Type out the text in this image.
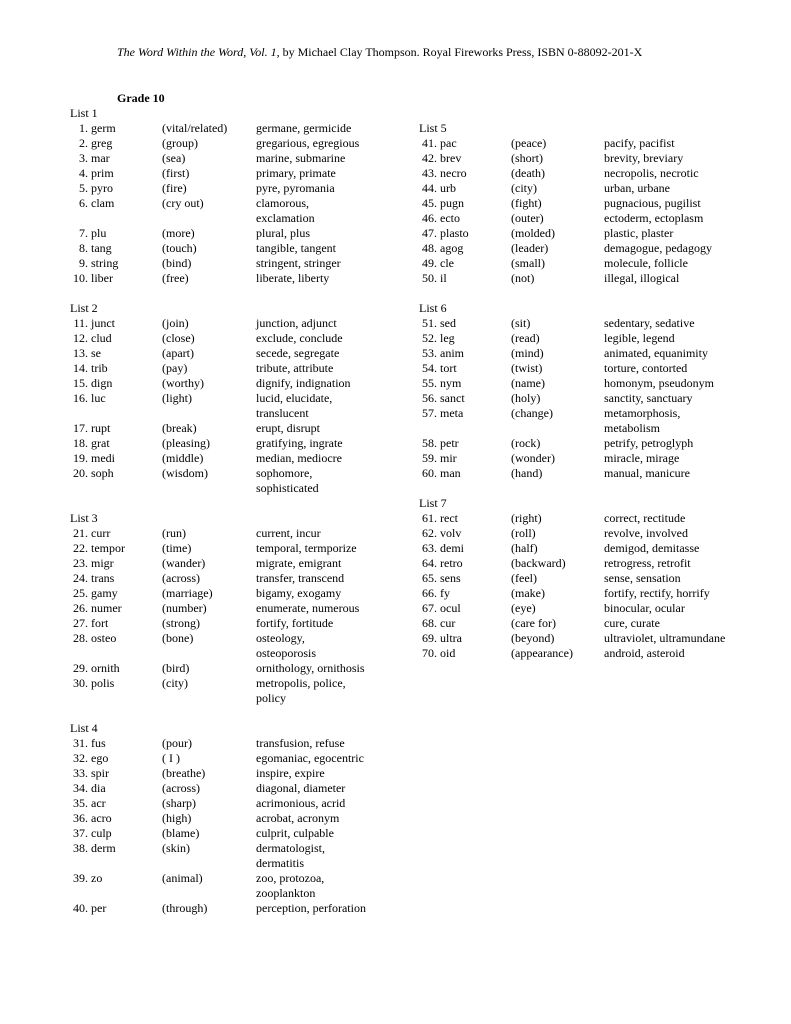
The Word Within the Word, Vol. 1, by Michael Clay Thompson. Royal Fireworks Press, ISBN 0-88092-201-X
Grade 10
List 1
1. germ	(vital/related) germane, germicide
2. greg	(group)	gregarious, egregious
3. mar	(sea)	marine, submarine
4. prim	(first)	primary, primate
5. pyro	(fire)	pyre, pyromania
6. clam	(cry out)	clamorous, exclamation
7. plu	(more)	plural, plus
8. tang	(touch)	tangible, tangent
9. string	(bind)	stringent, stringer
10. liber	(free)	liberate, liberty
List 2
11. junct	(join)	junction, adjunct
12. clud	(close)	exclude, conclude
13. se	(apart)	secede, segregate
14. trib	(pay)	tribute, attribute
15. dign	(worthy)	dignify, indignation
16. luc	(light)	lucid, elucidate, translucent
17. rupt	(break)	erupt, disrupt
18. grat	(pleasing)	gratifying, ingrate
19. medi	(middle)	median, mediocre
20. soph	(wisdom)	sophomore, sophisticated
List 3
21. curr	(run)	current, incur
22. tempor	(time)	temporal, termporize
23. migr	(wander)	migrate, emigrant
24. trans	(across)	transfer, transcend
25. gamy	(marriage)	bigamy, exogamy
26. numer	(number)	enumerate, numerous
27. fort	(strong)	fortify, fortitude
28. osteo	(bone)	osteology, osteoporosis
29. ornith	(bird)	ornithology, ornithosis
30. polis	(city)	metropolis, police, policy
List 4
31. fus	(pour)	transfusion, refuse
32. ego	( I )	egomaniac, egocentric
33. spir	(breathe)	inspire, expire
34. dia	(across)	diagonal, diameter
35. acr	(sharp)	acrimonious, acrid
36. acro	(high)	acrobat, acronym
37. culp	(blame)	culprit, culpable
38. derm	(skin)	dermatologist, dermatitis
39. zo	(animal)	zoo, protozoa, zooplankton
40. per	(through)	perception, perforation
List 5
41. pac	(peace)	pacify, pacifist
42. brev	(short)	brevity, breviary
43. necro	(death)	necropolis, necrotic
44. urb	(city)	urban, urbane
45. pugn	(fight)	pugnacious, pugilist
46. ecto	(outer)	ectoderm, ectoplasm
47. plasto	(molded)	plastic, plaster
48. agog	(leader)	demagogue, pedagogy
49. cle	(small)	molecule, follicle
50. il	(not)	illegal, illogical
List 6
51. sed	(sit)	sedentary, sedative
52. leg	(read)	legible, legend
53. anim	(mind)	animated, equanimity
54. tort	(twist)	torture, contorted
55. nym	(name)	homonym, pseudonym
56. sanct	(holy)	sanctity, sanctuary
57. meta	(change)	metamorphosis, metabolism
58. petr	(rock)	petrify, petroglyph
59. mir	(wonder)	miracle, mirage
60. man	(hand)	manual, manicure
List 7
61. rect	(right)	correct, rectitude
62. volv	(roll)	revolve, involved
63. demi	(half)	demigod, demitasse
64. retro	(backward)	retrogress, retrofit
65. sens	(feel)	sense, sensation
66. fy	(make)	fortify, rectify, horrify
67. ocul	(eye)	binocular, ocular
68. cur	(care for)	cure, curate
69. ultra	(beyond)	ultraviolet, ultramundane
70. oid	(appearance)	android, asteroid
